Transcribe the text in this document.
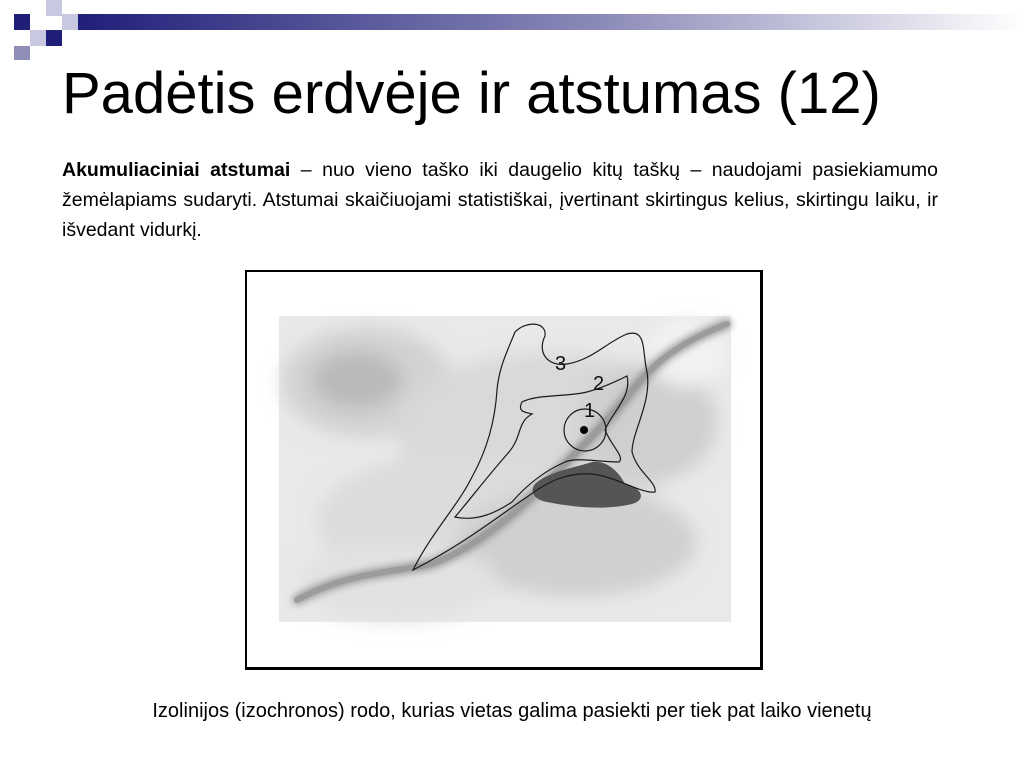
Padėtis erdvėje ir atstumas (12)

Akumuliaciniai atstumai – nuo vieno taško iki daugelio kitų taškų – naudojami pasiekiamumo žemėlapiams sudaryti. Atstumai skaičiuojami statistiškai, įvertinant skirtingus kelius, skirtingu laiku, ir išvedant vidurkį.

3
2
1

Izolinijos (izochronos) rodo, kurias vietas galima pasiekti per tiek pat laiko vienetų
